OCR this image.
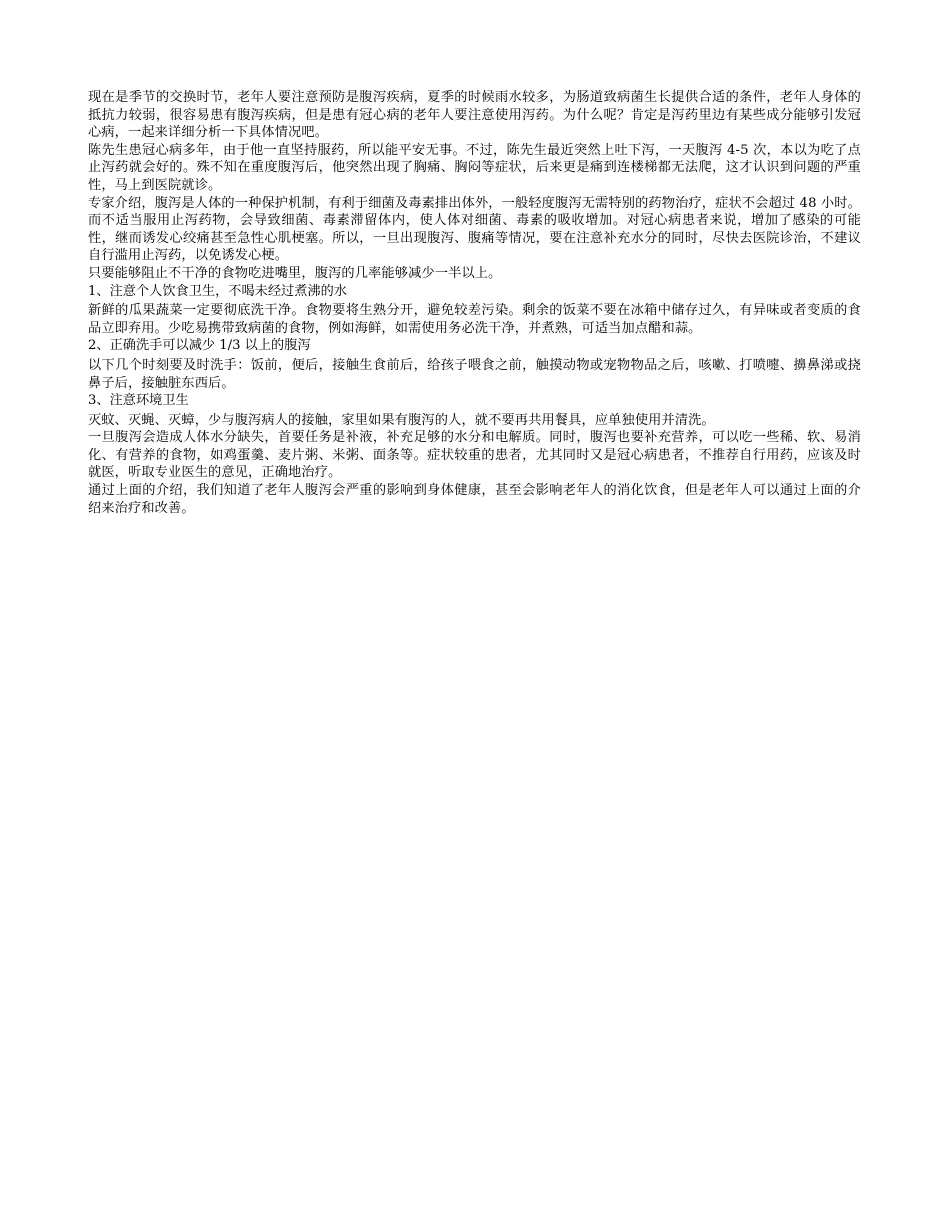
现在是季节的交换时节，老年人要注意预防是腹泻疾病，夏季的时候雨水较多，为肠道致病菌生长提供合适的条件，老年人身体的抵抗力较弱，很容易患有腹泻疾病，但是患有冠心病的老年人要注意使用泻药。为什么呢？肯定是泻药里边有某些成分能够引发冠心病，一起来详细分析一下具体情况吧。

陈先生患冠心病多年，由于他一直坚持服药，所以能平安无事。不过，陈先生最近突然上吐下泻，一天腹泻 4-5 次，本以为吃了点止泻药就会好的。殊不知在重度腹泻后，他突然出现了胸痛、胸闷等症状，后来更是痛到连楼梯都无法爬，这才认识到问题的严重性，马上到医院就诊。

专家介绍，腹泻是人体的一种保护机制，有利于细菌及毒素排出体外，一般轻度腹泻无需特别的药物治疗，症状不会超过 48 小时。而不适当服用止泻药物，会导致细菌、毒素滞留体内，使人体对细菌、毒素的吸收增加。对冠心病患者来说，增加了感染的可能性，继而诱发心绞痛甚至急性心肌梗塞。所以，一旦出现腹泻、腹痛等情况，要在注意补充水分的同时，尽快去医院诊治，不建议自行滥用止泻药，以免诱发心梗。

只要能够阻止不干净的食物吃进嘴里，腹泻的几率能够减少一半以上。

1、注意个人饮食卫生，不喝未经过煮沸的水

新鲜的瓜果蔬菜一定要彻底洗干净。食物要将生熟分开，避免较差污染。剩余的饭菜不要在冰箱中储存过久，有异味或者变质的食品立即弃用。少吃易携带致病菌的食物，例如海鲜，如需使用务必洗干净，并煮熟，可适当加点醋和蒜。

2、正确洗手可以减少 1/3 以上的腹泻

以下几个时刻要及时洗手：饭前，便后，接触生食前后，给孩子喂食之前，触摸动物或宠物物品之后，咳嗽、打喷嚏、擤鼻涕或挠鼻子后，接触脏东西后。

3、注意环境卫生

灭蚊、灭蝇、灭蟑，少与腹泻病人的接触，家里如果有腹泻的人，就不要再共用餐具，应单独使用并清洗。

一旦腹泻会造成人体水分缺失，首要任务是补液，补充足够的水分和电解质。同时，腹泻也要补充营养，可以吃一些稀、软、易消化、有营养的食物，如鸡蛋羹、麦片粥、米粥、面条等。症状较重的患者，尤其同时又是冠心病患者，不推荐自行用药，应该及时就医，听取专业医生的意见，正确地治疗。

通过上面的介绍，我们知道了老年人腹泻会严重的影响到身体健康，甚至会影响老年人的消化饮食，但是老年人可以通过上面的介绍来治疗和改善。
